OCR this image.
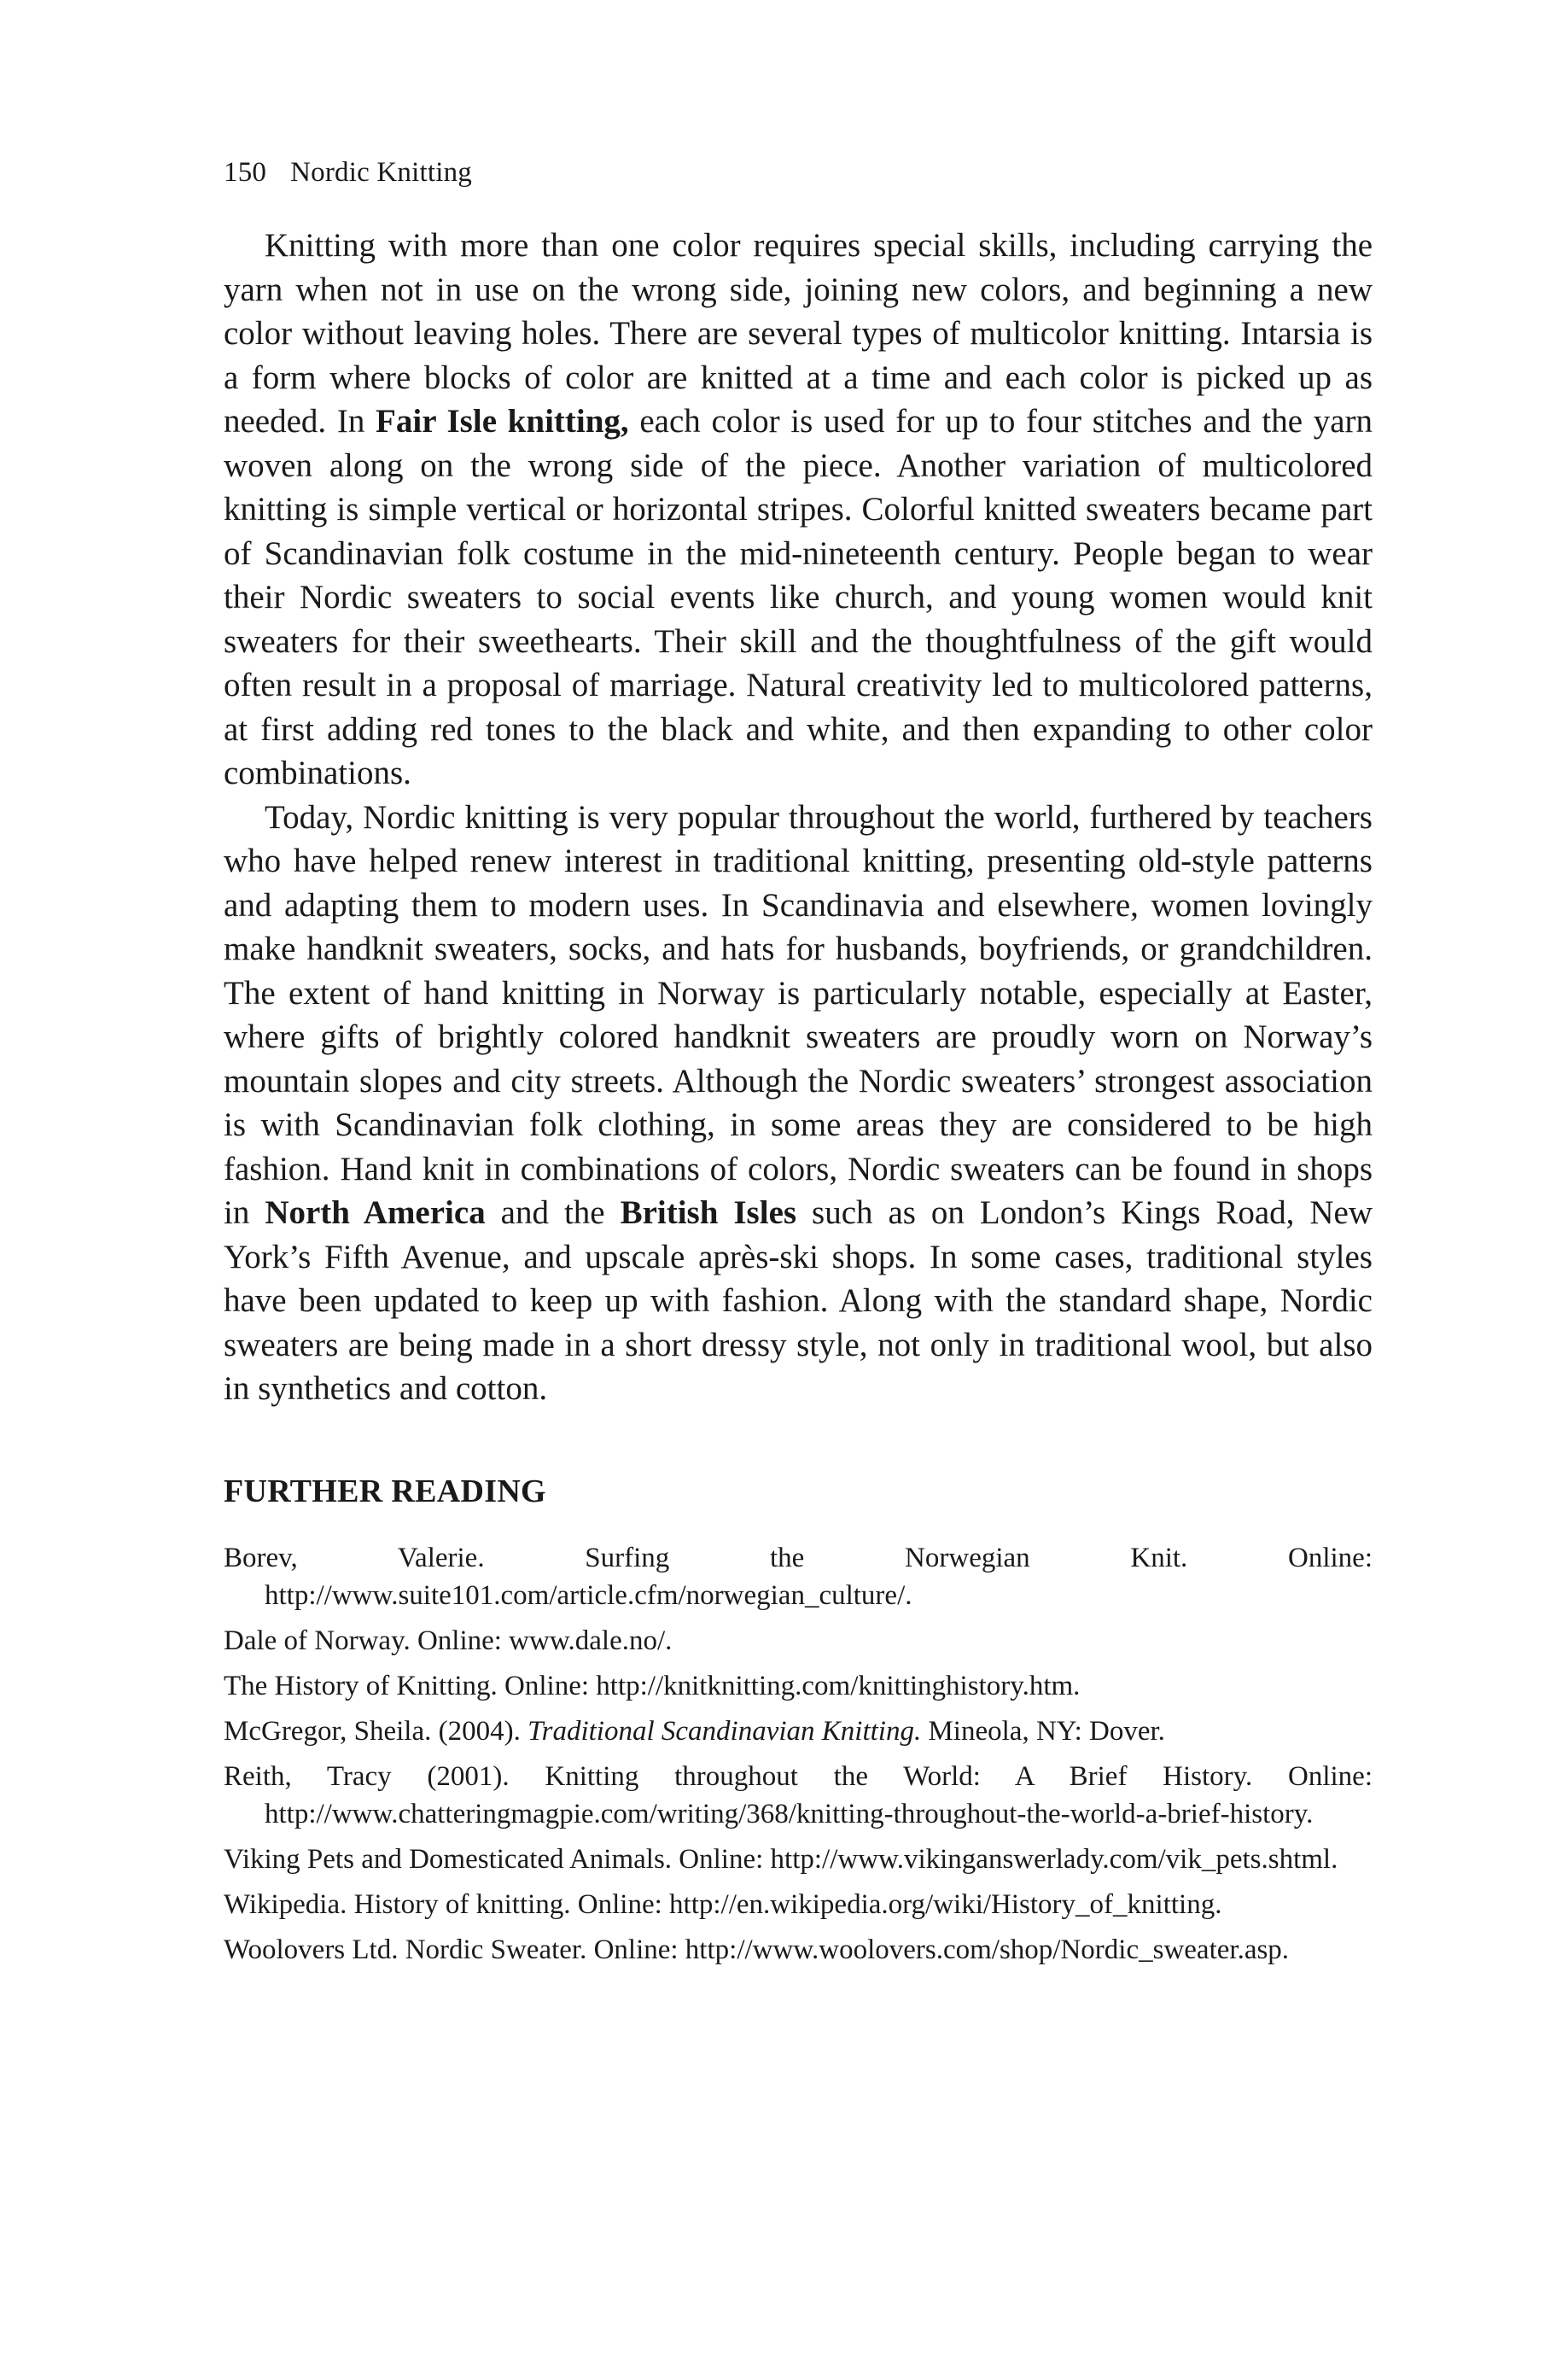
150 Nordic Knitting

Knitting with more than one color requires special skills, including carrying the yarn when not in use on the wrong side, joining new colors, and beginning a new color without leaving holes. There are several types of multicolor knitting. Intarsia is a form where blocks of color are knitted at a time and each color is picked up as needed. In Fair Isle knitting, each color is used for up to four stitches and the yarn woven along on the wrong side of the piece. Another variation of multicolored knitting is simple vertical or horizontal stripes. Colorful knitted sweaters became part of Scandinavian folk costume in the mid-nineteenth century. People began to wear their Nordic sweaters to social events like church, and young women would knit sweaters for their sweethearts. Their skill and the thoughtfulness of the gift would often result in a proposal of marriage. Natural creativity led to multicolored patterns, at first adding red tones to the black and white, and then expanding to other color combinations.

Today, Nordic knitting is very popular throughout the world, furthered by teachers who have helped renew interest in traditional knitting, presenting old-style patterns and adapting them to modern uses. In Scandinavia and elsewhere, women lovingly make handknit sweaters, socks, and hats for husbands, boyfriends, or grandchildren. The extent of hand knitting in Norway is particularly notable, especially at Easter, where gifts of brightly colored handknit sweaters are proudly worn on Norway’s mountain slopes and city streets. Although the Nordic sweaters’ strongest association is with Scandinavian folk clothing, in some areas they are considered to be high fashion. Hand knit in combinations of colors, Nordic sweaters can be found in shops in North America and the British Isles such as on London’s Kings Road, New York’s Fifth Avenue, and upscale après-ski shops. In some cases, traditional styles have been updated to keep up with fashion. Along with the standard shape, Nordic sweaters are being made in a short dressy style, not only in traditional wool, but also in synthetics and cotton.

FURTHER READING
Borev, Valerie. Surfing the Norwegian Knit. Online: http://www.suite101.com/article.cfm/norwegian_culture/.
Dale of Norway. Online: www.dale.no/.
The History of Knitting. Online: http://knitknitting.com/knittinghistory.htm.
McGregor, Sheila. (2004). Traditional Scandinavian Knitting. Mineola, NY: Dover.
Reith, Tracy (2001). Knitting throughout the World: A Brief History. Online: http://www.chatteringmagpie.com/writing/368/knitting-throughout-the-world-a-brief-history.
Viking Pets and Domesticated Animals. Online: http://www.vikinganswerlady.com/vik_pets.shtml.
Wikipedia. History of knitting. Online: http://en.wikipedia.org/wiki/History_of_knitting.
Woolovers Ltd. Nordic Sweater. Online: http://www.woolovers.com/shop/Nordic_sweater.asp.
